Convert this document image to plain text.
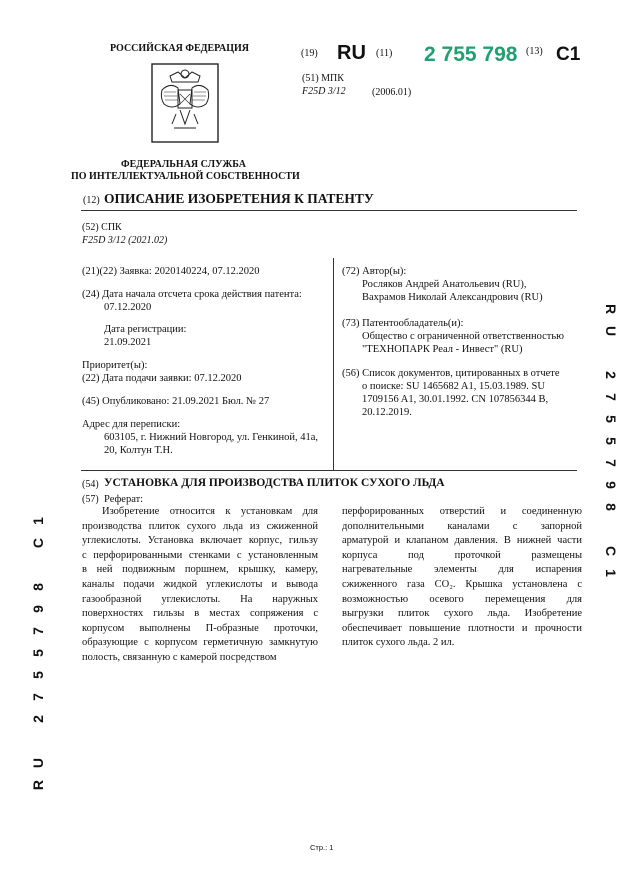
РОССИЙСКАЯ ФЕДЕРАЦИЯ
ФЕДЕРАЛЬНАЯ СЛУЖБА
ПО ИНТЕЛЛЕКТУАЛЬНОЙ СОБСТВЕННОСТИ
(19) RU (11) 2 755 798 (13) C1
(51) МПК
F25D 3/12	(2006.01)
(12) ОПИСАНИЕ ИЗОБРЕТЕНИЯ К ПАТЕНТУ
(52) СПК
F25D 3/12 (2021.02)
(21)(22) Заявка: 2020140224, 07.12.2020
(24) Дата начала отсчета срока действия патента:
07.12.2020
Дата регистрации:
21.09.2021
Приоритет(ы):
(22) Дата подачи заявки: 07.12.2020
(45) Опубликовано: 21.09.2021 Бюл. № 27
Адрес для переписки:
603105, г. Нижний Новгород, ул. Генкиной, 41а,
20, Колтун Т.Н.
(72) Автор(ы):
Росляков Андрей Анатольевич (RU),
Вахрамов Николай Александрович (RU)
(73) Патентообладатель(и):
Общество с ограниченной ответственностью
"ТЕХНОПАРК Реал - Инвест" (RU)
(56) Список документов, цитированных в отчете
о поиске: SU 1465682 A1, 15.03.1989. SU
1709156 A1, 30.01.1992. CN 107856344 B,
20.12.2019.
(54) УСТАНОВКА ДЛЯ ПРОИЗВОДСТВА ПЛИТОК СУХОГО ЛЬДА
(57) Реферат:
Изобретение относится к установкам для
производства плиток сухого льда из сжиженной
углекислоты. Установка включает корпус, гильзу
с перфорированными стенками с установленным
в ней подвижным поршнем, крышку, камеру,
каналы подачи жидкой углекислоты и вывода
газообразной углекислоты. На наружных
поверхностях гильзы в местах сопряжения с
корпусом выполнены П-образные проточки,
образующие с корпусом герметичную замкнутую
полость, связанную с камерой посредством
перфорированных отверстий и соединенную
дополнительными каналами с запорной
арматурой и клапаном давления. В нижней части
корпуса под проточкой размещены
нагревательные элементы для испарения
сжиженного газа CO₂. Крышка установлена с
возможностью осевого перемещения для
выгрузки плиток сухого льда. Изобретение
обеспечивает повышение плотности и прочности
плиток сухого льда. 2 ил.
R
U
2
7
5
5
7
9
8
C
1
1
C
8
9
7
5
5
7
2
U
R
Стр.: 1
